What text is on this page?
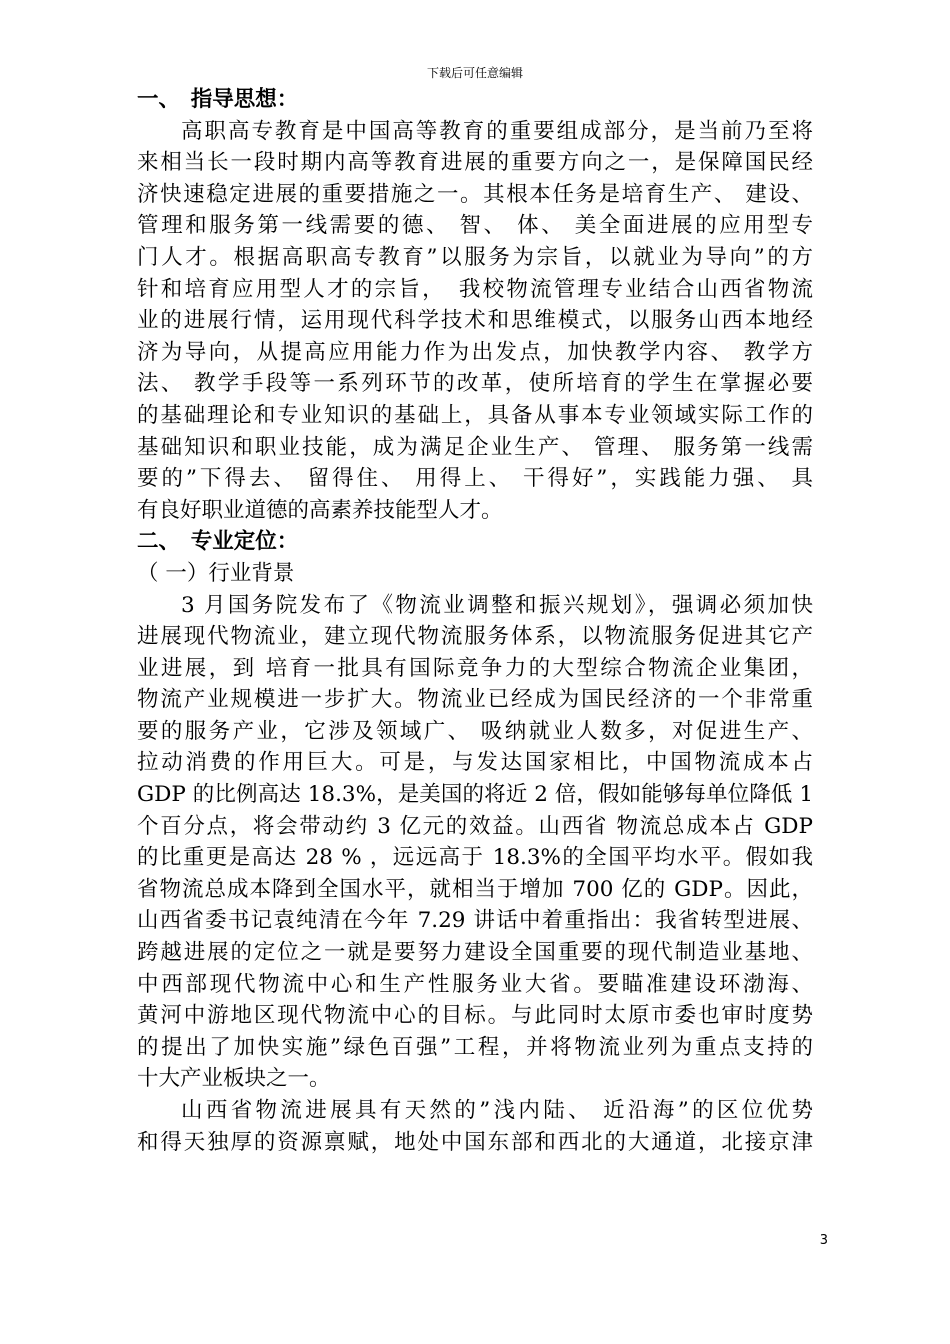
下载后可任意编辑
一、　指导思想：
高职高专教育是中国高等教育的重要组成部分，是当前乃至将
来相当长一段时期内高等教育进展的重要方向之一，是保障国民经
济快速稳定进展的重要措施之一。其根本任务是培育生产、 建设、
管理和服务第一线需要的德、 智、 体、 美全面进展的应用型专
门人才。根据高职高专教育”以服务为宗旨，以就业为导向”的方
针和培育应用型人才的宗旨，　我校物流管理专业结合山西省物流
业的进展行情，运用现代科学技术和思维模式，以服务山西本地经
济为导向，从提高应用能力作为出发点，加快教学内容、 教学方
法、 教学手段等一系列环节的改革，使所培育的学生在掌握必要
的基础理论和专业知识的基础上，具备从事本专业领域实际工作的
基础知识和职业技能，成为满足企业生产、 管理、 服务第一线需
要的”下得去、 留得住、 用得上、 干得好”，实践能力强、 具
有良好职业道德的高素养技能型人才。
二、　专业定位：
（ 一）行业背景
3 月国务院发布了《物流业调整和振兴规划》，强调必须加快
进展现代物流业，建立现代物流服务体系，以物流服务促进其它产
业进展，到 培育一批具有国际竞争力的大型综合物流企业集团，
物流产业规模进一步扩大。物流业已经成为国民经济的一个非常重
要的服务产业，它涉及领域广、 吸纳就业人数多，对促进生产、
拉动消费的作用巨大。可是，与发达国家相比，中国物流成本占
GDP 的比例高达 18.3%，是美国的将近 2 倍，假如能够每单位降低 1
个百分点，将会带动约 3 亿元的效益。山西省 物流总成本占 GDP
的比重更是高达 28 % ，远远高于 18.3%的全国平均水平。假如我
省物流总成本降到全国水平，就相当于增加 700 亿的 GDP。因此，
山西省委书记袁纯清在今年 7.29 讲话中着重指出：我省转型进展、
跨越进展的定位之一就是要努力建设全国重要的现代制造业基地、
中西部现代物流中心和生产性服务业大省。要瞄准建设环渤海、
黄河中游地区现代物流中心的目标。与此同时太原市委也审时度势
的提出了加快实施”绿色百强”工程，并将物流业列为重点支持的
十大产业板块之一。
山西省物流进展具有天然的”浅内陆、 近沿海”的区位优势
和得天独厚的资源禀赋，地处中国东部和西北的大通道，北接京津
3
